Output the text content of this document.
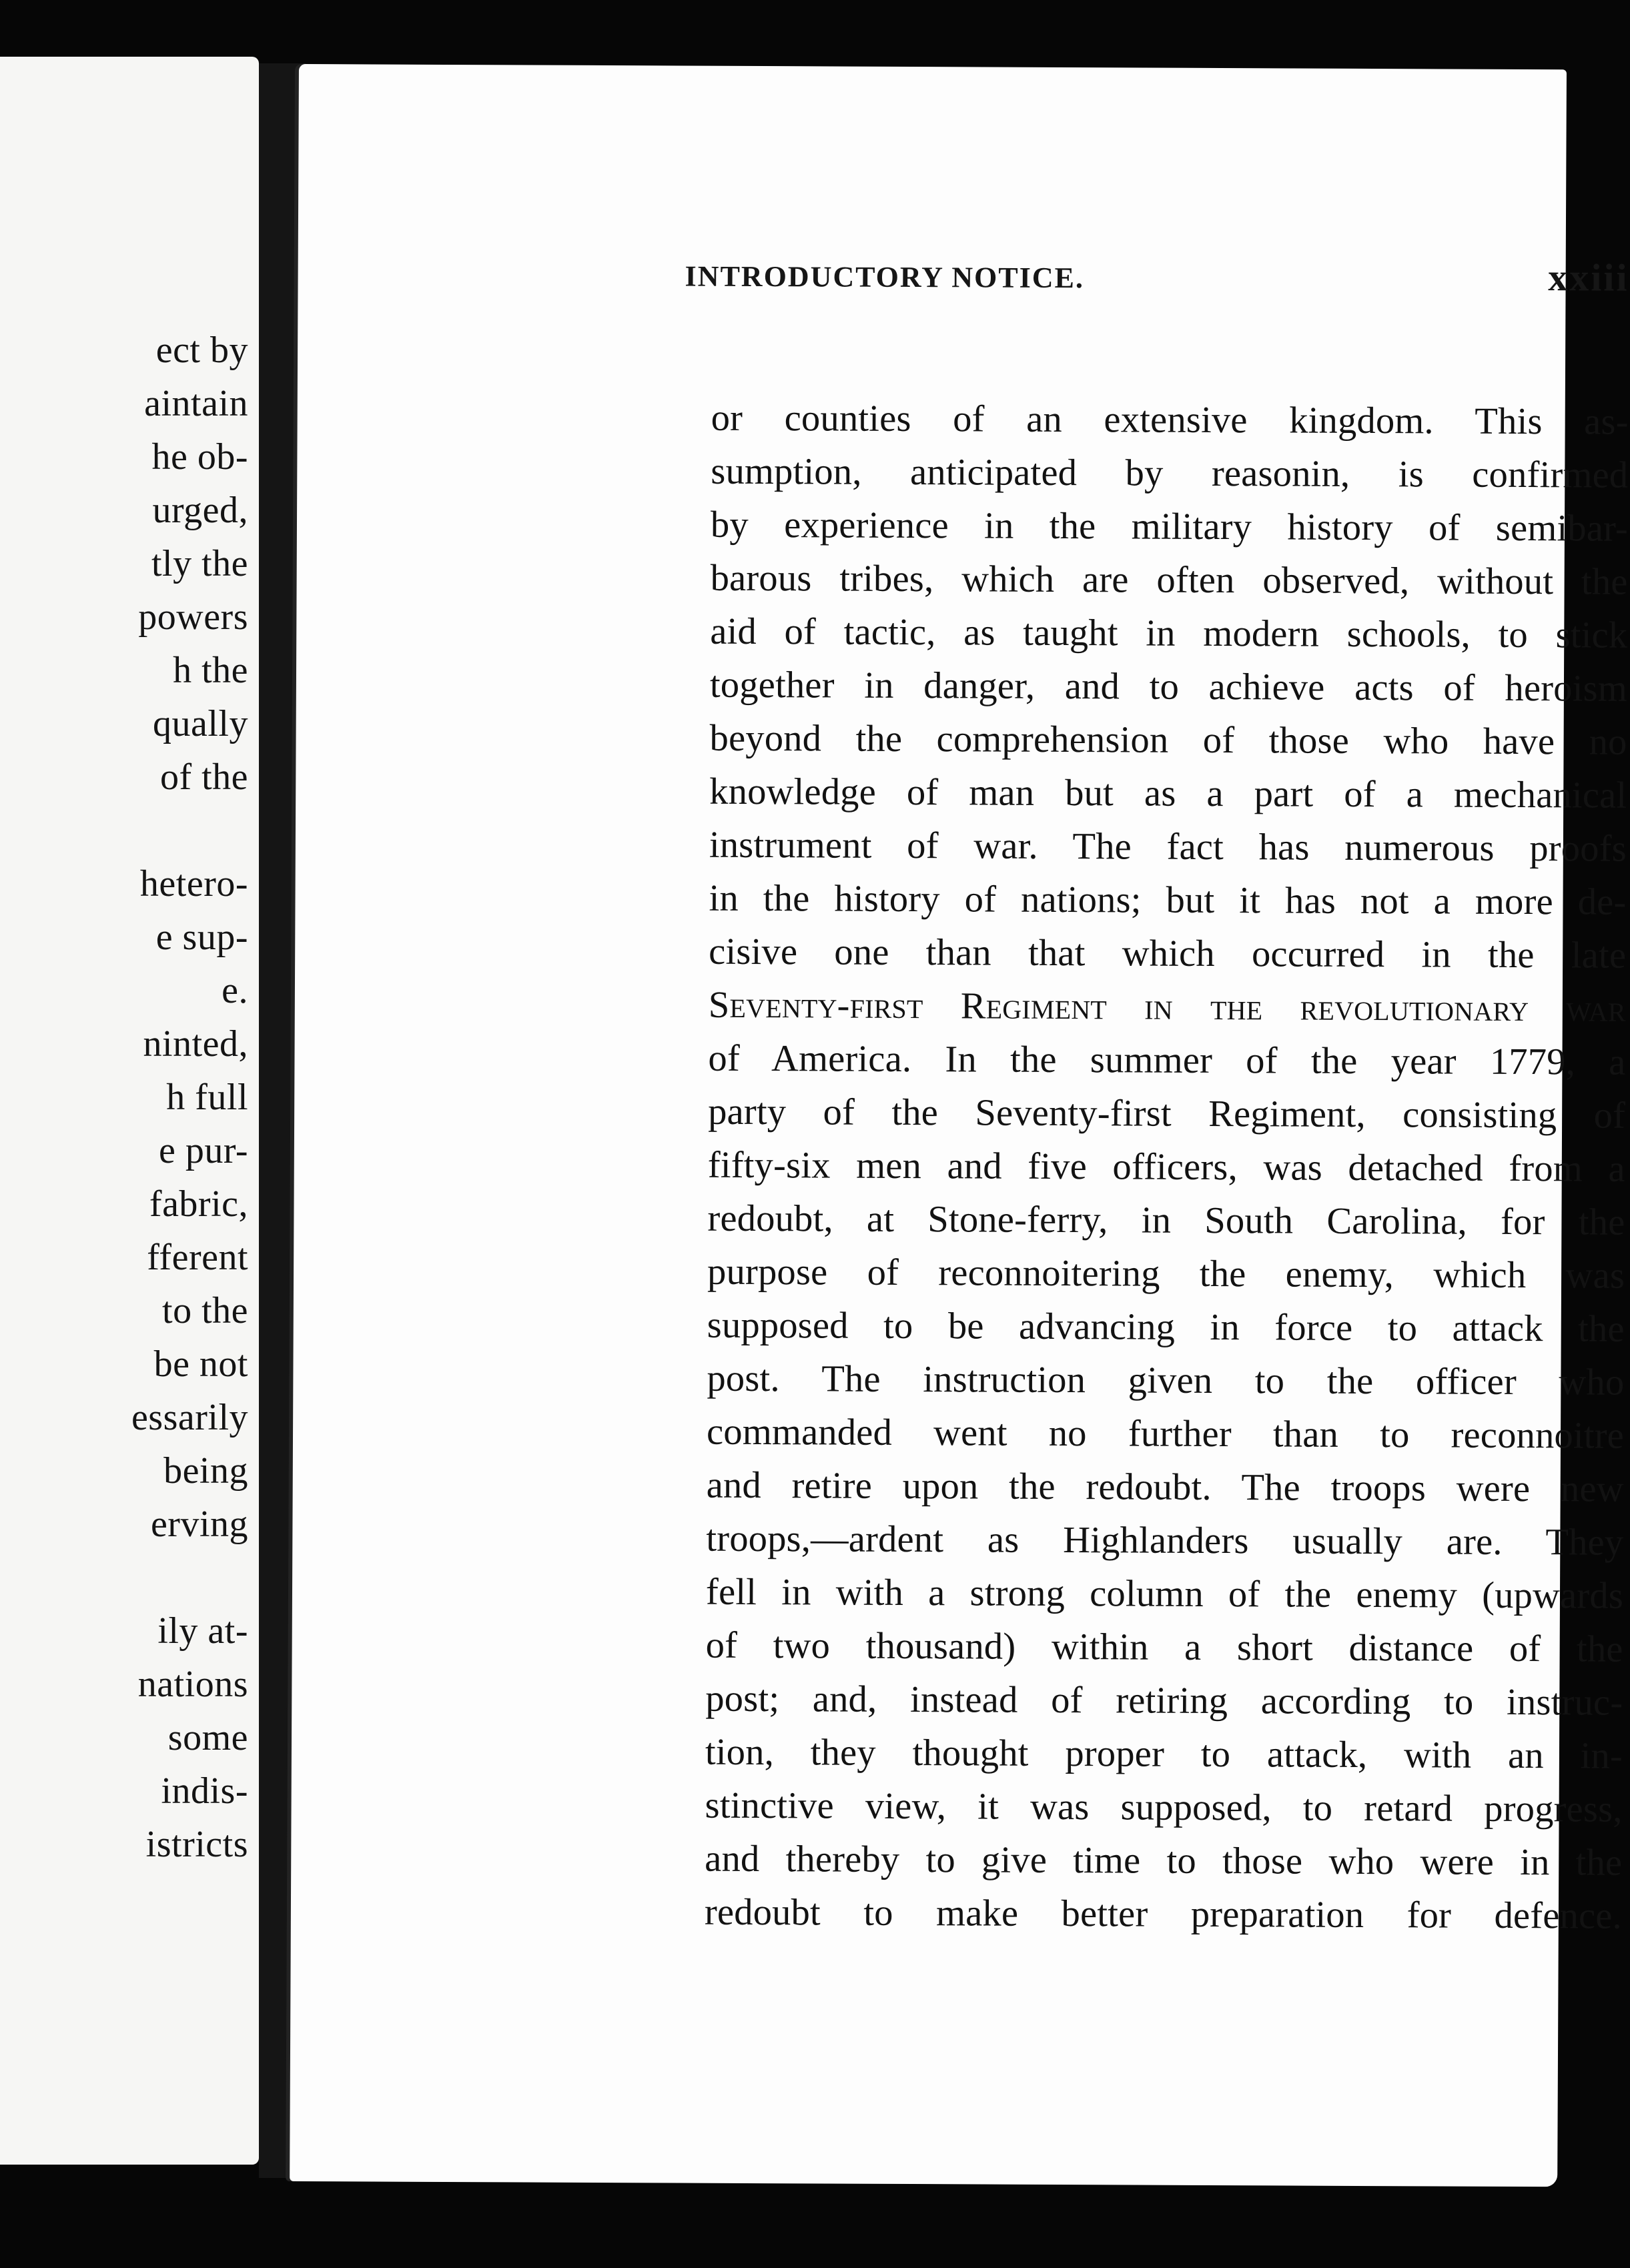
ect by
aintain
he ob-
urged,
tly the
powers
h the
qually
of the
hetero-
e sup-
e.
ninted,
h full
e pur-
fabric,
fferent
to the
be not
essarily
being
erving
ily at-
nations
some
indis-
istricts
INTRODUCTORY NOTICE.	xxiii
or counties of an extensive kingdom. This as-
sumption, anticipated by reasonin, is confirmed
by experience in the military history of semibar-
barous tribes, which are often observed, without the
aid of tactic, as taught in modern schools, to stick
together in danger, and to achieve acts of heroism
beyond the comprehension of those who have no
knowledge of man but as a part of a mechanical
instrument of war. The fact has numerous proofs
in the history of nations; but it has not a more de-
cisive one than that which occurred in the late
Seventy-first Regiment in the revolutionary war
of America. In the summer of the year 1779, a
party of the Seventy-first Regiment, consisting of
fifty-six men and five officers, was detached from a
redoubt, at Stone-ferry, in South Carolina, for the
purpose of reconnoitering the enemy, which was
supposed to be advancing in force to attack the
post. The instruction given to the officer who
commanded went no further than to reconnoitre
and retire upon the redoubt. The troops were new
troops,—ardent as Highlanders usually are. They
fell in with a strong column of the enemy (upwards
of two thousand) within a short distance of the
post; and, instead of retiring according to instruc-
tion, they thought proper to attack, with an in-
stinctive view, it was supposed, to retard progress,
and thereby to give time to those who were in the
redoubt to make better preparation for defence.
